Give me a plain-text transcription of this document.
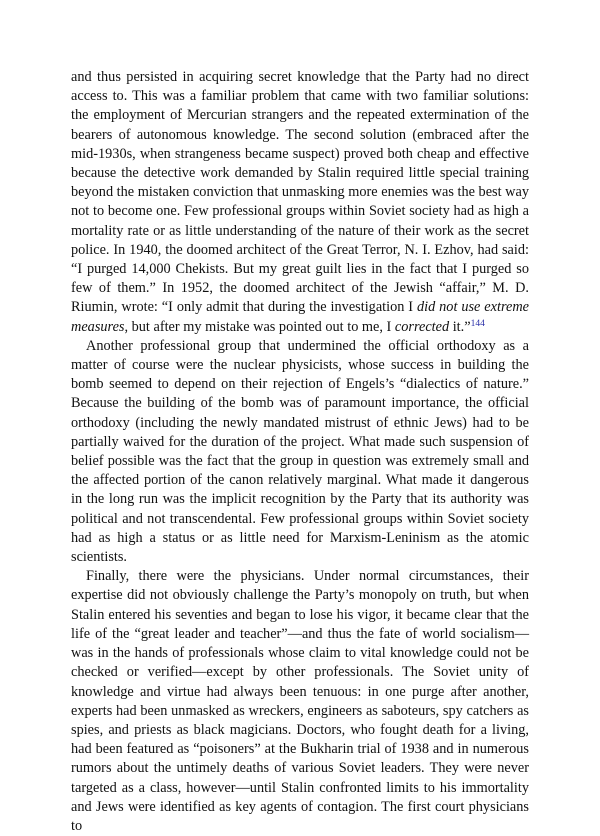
and thus persisted in acquiring secret knowledge that the Party had no direct access to. This was a familiar problem that came with two familiar solutions: the employment of Mercurian strangers and the repeated extermination of the bearers of autonomous knowledge. The second solution (embraced after the mid-1930s, when strangeness became suspect) proved both cheap and effective because the detective work demanded by Stalin required little special training beyond the mistaken conviction that unmasking more enemies was the best way not to become one. Few professional groups within Soviet society had as high a mortality rate or as little understanding of the nature of their work as the secret police. In 1940, the doomed architect of the Great Terror, N. I. Ezhov, had said: “I purged 14,000 Chekists. But my great guilt lies in the fact that I purged so few of them.” In 1952, the doomed architect of the Jewish “affair,” M. D. Riumin, wrote: “I only admit that during the investigation I did not use extreme measures, but after my mistake was pointed out to me, I corrected it.”$^{144}$

Another professional group that undermined the official orthodoxy as a matter of course were the nuclear physicists, whose success in building the bomb seemed to depend on their rejection of Engels’s “dialectics of nature.” Because the building of the bomb was of paramount importance, the official orthodoxy (including the newly mandated mistrust of ethnic Jews) had to be partially waived for the duration of the project. What made such suspension of belief possible was the fact that the group in question was extremely small and the affected portion of the canon relatively marginal. What made it dangerous in the long run was the implicit recognition by the Party that its authority was political and not transcendental. Few professional groups within Soviet society had as high a status or as little need for Marxism-Leninism as the atomic scientists.

Finally, there were the physicians. Under normal circumstances, their expertise did not obviously challenge the Party’s monopoly on truth, but when Stalin entered his seventies and began to lose his vigor, it became clear that the life of the “great leader and teacher”—and thus the fate of world socialism—was in the hands of professionals whose claim to vital knowledge could not be checked or verified—except by other professionals. The Soviet unity of knowledge and virtue had always been tenuous: in one purge after another, experts had been unmasked as wreckers, engineers as saboteurs, spy catchers as spies, and priests as black magicians. Doctors, who fought death for a living, had been featured as “poisoners” at the Bukharin trial of 1938 and in numerous rumors about the untimely deaths of various Soviet leaders. They were never targeted as a class, however—until Stalin confronted limits to his immortality and Jews were identified as key agents of contagion. The first court physicians to
